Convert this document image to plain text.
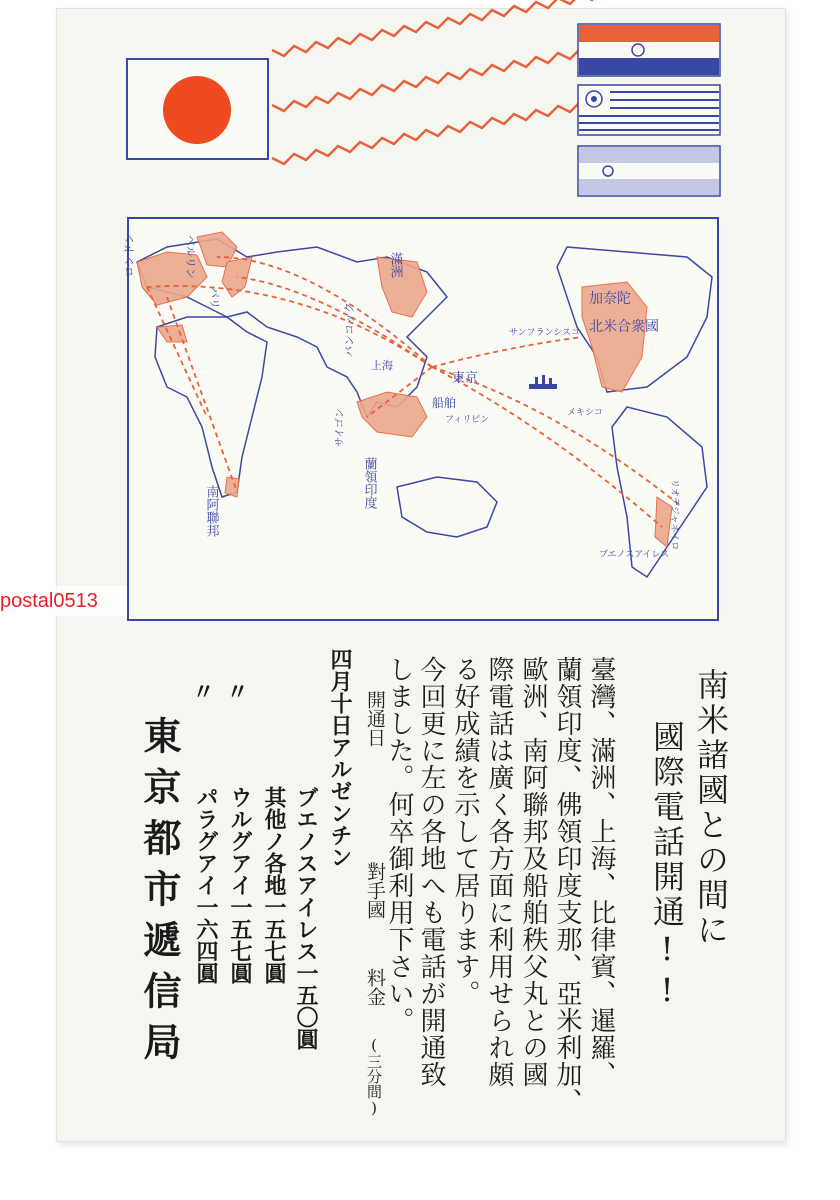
postal0513
ロンドン	ベルリン
パリ
滿洲
上海
バンコック
東京
船舶
フィリピン
サイゴン
蘭領印度
南阿聯邦
サンフランシスコ
メキシコ
加奈陀
北米合衆國
リオデジャネイロ
ブエノスアイレス
南米諸國との間に
國際電話開通!!
臺灣、滿洲、上海、比律賓、暹羅、
蘭領印度、佛領印度支那、亞米利加、
歐洲、南阿聯邦及船舶秩父丸との國
際電話は廣く各方面に利用せられ頗
る好成績を示して居ります。
今回更に左の各地へも電話が開通致
しました。何卒御利用下さい。
開通日
對手國
料金
(三分間)
四月十日アルゼンチン
ブエノスアイレス一五〇圓
其他ノ各地一五七圓
ウルグアイ一五七圓
パラグアイ一六四圓
〃
〃
東京都市遞信局
